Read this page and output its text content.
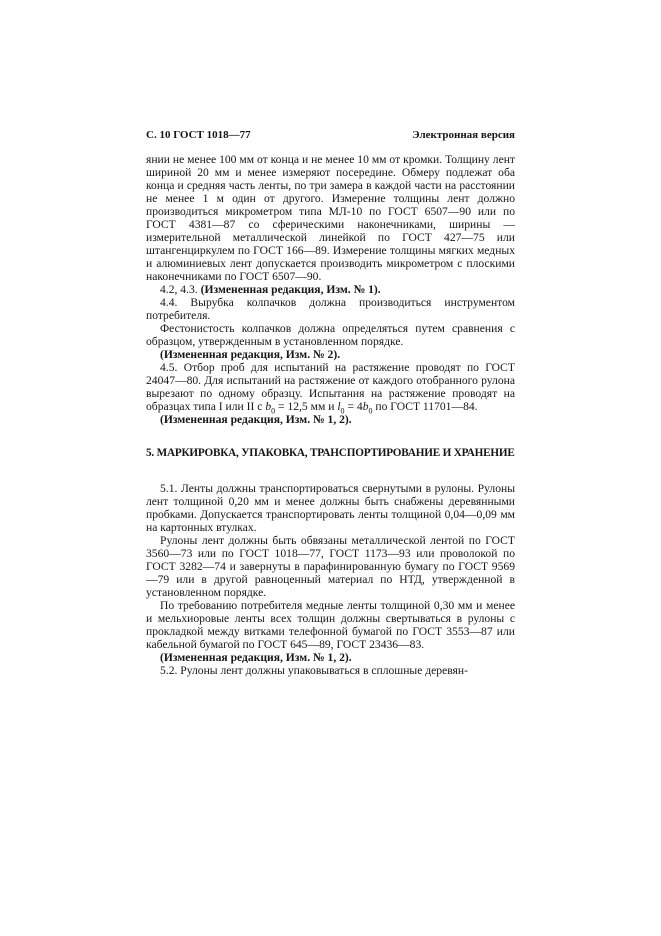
С. 10 ГОСТ 1018—77	Электронная версия

янии не менее 100 мм от конца и не менее 10 мм от кромки. Толщину лент шириной 20 мм и менее измеряют посередине. Обмеру подлежат оба конца и средняя часть ленты, по три замера в каждой части на расстоянии не менее 1 м один от другого. Измерение толщины лент должно производиться микрометром типа МЛ-10 по ГОСТ 6507—90 или по ГОСТ 4381—87 со сферическими наконечниками, ширины — измерительной металлической линейкой по ГОСТ 427—75 или штангенциркулем по ГОСТ 166—89. Измерение толщины мягких медных и алюминиевых лент допускается производить микрометром с плоскими наконечниками по ГОСТ 6507—90.

4.2, 4.3. (Измененная редакция, Изм. № 1).

4.4. Вырубка колпачков должна производиться инструментом потребителя.

Фестонистость колпачков должна определяться путем сравнения с образцом, утвержденным в установленном порядке.

(Измененная редакция, Изм. № 2).

4.5. Отбор проб для испытаний на растяжение проводят по ГОСТ 24047—80. Для испытаний на растяжение от каждого отобранного рулона вырезают по одному образцу. Испытания на растяжение проводят на образцах типа I или II с $b_0 = 12,5$ мм и $l_0 = 4b_0$ по ГОСТ 11701—84.

(Измененная редакция, Изм. № 1, 2).

5. МАРКИРОВКА, УПАКОВКА, ТРАНСПОРТИРОВАНИЕ И ХРАНЕНИЕ

5.1. Ленты должны транспортироваться свернутыми в рулоны. Рулоны лент толщиной 0,20 мм и менее должны быть снабжены деревянными пробками. Допускается транспортировать ленты толщиной 0,04—0,09 мм на картонных втулках.

Рулоны лент должны быть обвязаны металлической лентой по ГОСТ 3560—73 или по ГОСТ 1018—77, ГОСТ 1173—93 или проволокой по ГОСТ 3282—74 и завернуты в парафинированную бумагу по ГОСТ 9569—79 или в другой равноценный материал по НТД, утвержденной в установленном порядке.

По требованию потребителя медные ленты толщиной 0,30 мм и менее и мельхиоровые ленты всех толщин должны свертываться в рулоны с прокладкой между витками телефонной бумагой по ГОСТ 3553—87 или кабельной бумагой по ГОСТ 645—89, ГОСТ 23436—83.

(Измененная редакция, Изм. № 1, 2).

5.2. Рулоны лент должны упаковываться в сплошные деревян-
